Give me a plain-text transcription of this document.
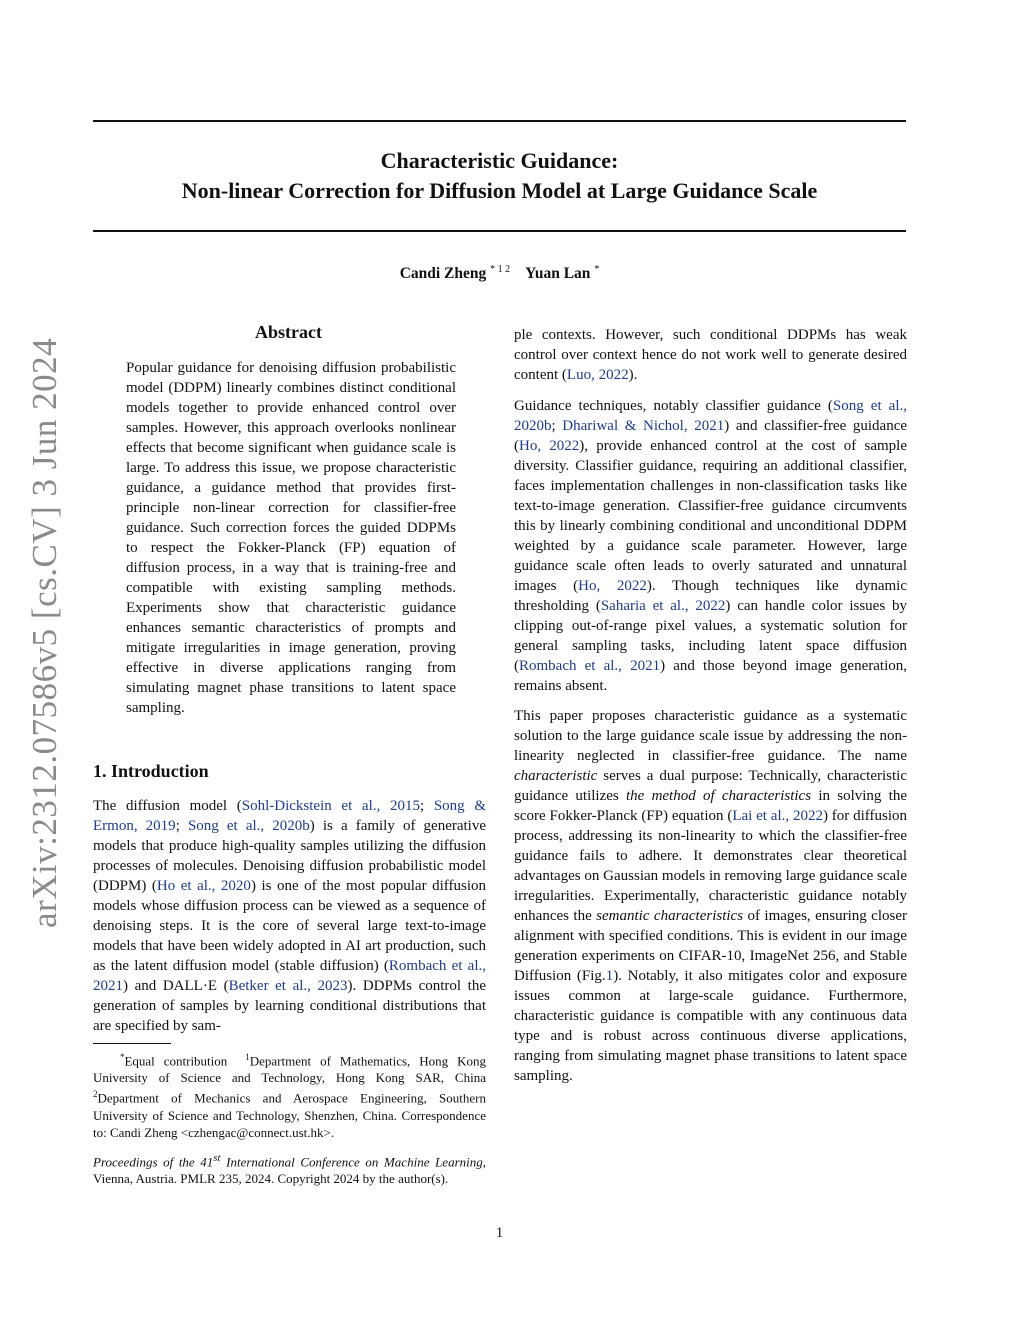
Characteristic Guidance:
Non-linear Correction for Diffusion Model at Large Guidance Scale
Candi Zheng $^{* 1 2}$ Yuan Lan *
arXiv:2312.07586v5 [cs.CV] 3 Jun 2024
Abstract
Popular guidance for denoising diffusion probabilistic model (DDPM) linearly combines distinct conditional models together to provide enhanced control over samples. However, this approach overlooks nonlinear effects that become significant when guidance scale is large. To address this issue, we propose characteristic guidance, a guidance method that provides first-principle non-linear correction for classifier-free guidance. Such correction forces the guided DDPMs to respect the Fokker-Planck (FP) equation of diffusion process, in a way that is training-free and compatible with existing sampling methods. Experiments show that characteristic guidance enhances semantic characteristics of prompts and mitigate irregularities in image generation, proving effective in diverse applications ranging from simulating magnet phase transitions to latent space sampling.
1. Introduction
The diffusion model (Sohl-Dickstein et al., 2015; Song & Ermon, 2019; Song et al., 2020b) is a family of generative models that produce high-quality samples utilizing the diffusion processes of molecules. Denoising diffusion probabilistic model (DDPM) (Ho et al., 2020) is one of the most popular diffusion models whose diffusion process can be viewed as a sequence of denoising steps. It is the core of several large text-to-image models that have been widely adopted in AI art production, such as the latent diffusion model (stable diffusion) (Rombach et al., 2021) and DALL·E (Betker et al., 2023). DDPMs control the generation of samples by learning conditional distributions that are specified by sam-
*Equal contribution $^1$Department of Mathematics, Hong Kong University of Science and Technology, Hong Kong SAR, China $^2$Department of Mechanics and Aerospace Engineering, Southern University of Science and Technology, Shenzhen, China. Correspondence to: Candi Zheng <czhengac@connect.ust.hk>.
Proceedings of the 41st International Conference on Machine Learning, Vienna, Austria. PMLR 235, 2024. Copyright 2024 by the author(s).
ple contexts. However, such conditional DDPMs has weak control over context hence do not work well to generate desired content (Luo, 2022).
Guidance techniques, notably classifier guidance (Song et al., 2020b; Dhariwal & Nichol, 2021) and classifier-free guidance (Ho, 2022), provide enhanced control at the cost of sample diversity. Classifier guidance, requiring an additional classifier, faces implementation challenges in non-classification tasks like text-to-image generation. Classifier-free guidance circumvents this by linearly combining conditional and unconditional DDPM weighted by a guidance scale parameter. However, large guidance scale often leads to overly saturated and unnatural images (Ho, 2022). Though techniques like dynamic thresholding (Saharia et al., 2022) can handle color issues by clipping out-of-range pixel values, a systematic solution for general sampling tasks, including latent space diffusion (Rombach et al., 2021) and those beyond image generation, remains absent.
This paper proposes characteristic guidance as a systematic solution to the large guidance scale issue by addressing the non-linearity neglected in classifier-free guidance. The name characteristic serves a dual purpose: Technically, characteristic guidance utilizes the method of characteristics in solving the score Fokker-Planck (FP) equation (Lai et al., 2022) for diffusion process, addressing its non-linearity to which the classifier-free guidance fails to adhere. It demonstrates clear theoretical advantages on Gaussian models in removing large guidance scale irregularities. Experimentally, characteristic guidance notably enhances the semantic characteristics of images, ensuring closer alignment with specified conditions. This is evident in our image generation experiments on CIFAR-10, ImageNet 256, and Stable Diffusion (Fig.1). Notably, it also mitigates color and exposure issues common at large-scale guidance. Furthermore, characteristic guidance is compatible with any continuous data type and is robust across continuous diverse applications, ranging from simulating magnet phase transitions to latent space sampling.
1
